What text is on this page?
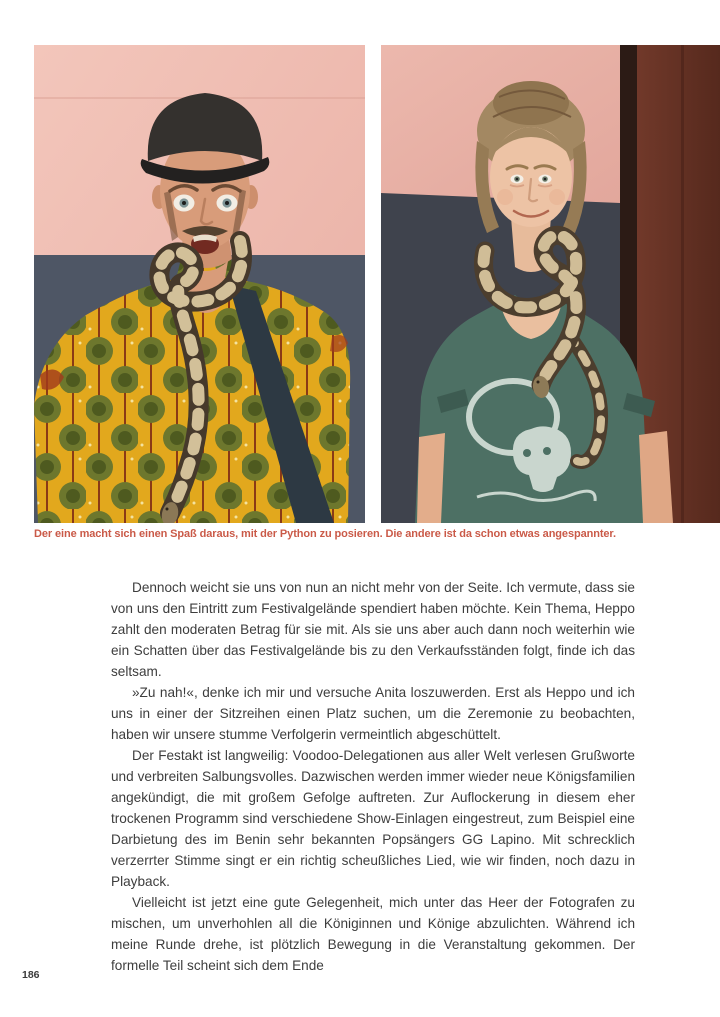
Der eine macht sich einen Spaß daraus, mit der Python zu posieren. Die andere ist da schon etwas angespannter.

Dennoch weicht sie uns von nun an nicht mehr von der Seite. Ich vermute, dass sie von uns den Eintritt zum Festivalgelände spendiert haben möchte. Kein Thema, Heppo zahlt den moderaten Betrag für sie mit. Als sie uns aber auch dann noch weiterhin wie ein Schatten über das Festivalgelände bis zu den Verkaufsständen folgt, finde ich das seltsam.

»Zu nah!«, denke ich mir und versuche Anita loszuwerden. Erst als Heppo und ich uns in einer der Sitzreihen einen Platz suchen, um die Zeremonie zu beobachten, haben wir unsere stumme Verfolgerin vermeintlich abgeschüttelt.

Der Festakt ist langweilig: Voodoo-Delegationen aus aller Welt verlesen Grußworte und verbreiten Salbungsvolles. Dazwischen werden immer wieder neue Königsfamilien angekündigt, die mit großem Gefolge auftreten. Zur Auflockerung in diesem eher trockenen Programm sind verschiedene Show-Einlagen eingestreut, zum Beispiel eine Darbietung des im Benin sehr bekannten Popsängers GG Lapino. Mit schrecklich verzerrter Stimme singt er ein richtig scheußliches Lied, wie wir finden, noch dazu in Playback.

Vielleicht ist jetzt eine gute Gelegenheit, mich unter das Heer der Fotografen zu mischen, um unverhohlen all die Königinnen und Könige abzulichten. Während ich meine Runde drehe, ist plötzlich Bewegung in die Veranstaltung gekommen. Der formelle Teil scheint sich dem Ende

186
